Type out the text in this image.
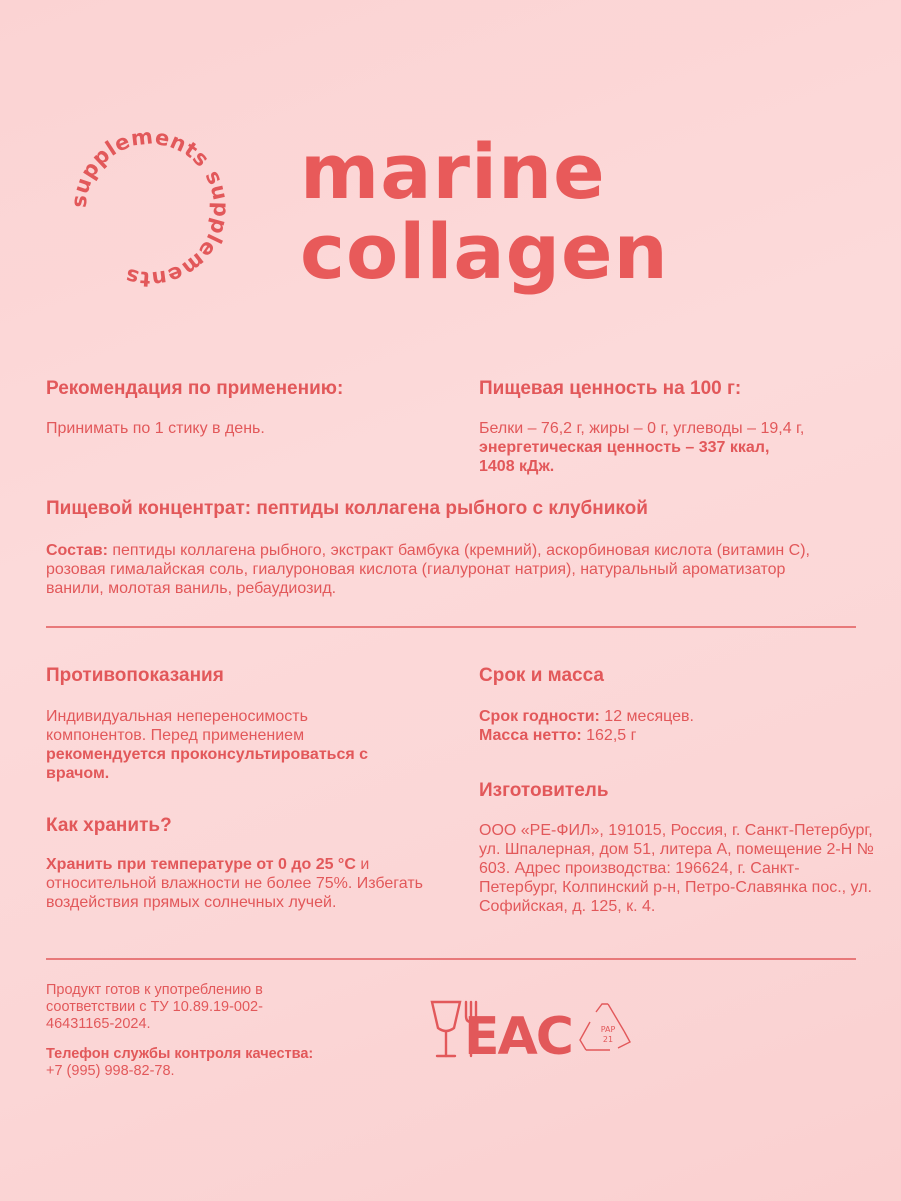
supplements supplements
marine
collagen
Рекомендация по применению:
Принимать по 1 стику в день.
Пищевая ценность на 100 г:
Белки – 76,2 г, жиры – 0 г, углеводы – 19,4 г, энергетическая ценность – 337 ккал, 1408 кДж.
Пищевой концентрат: пептиды коллагена рыбного с клубникой
Состав: пептиды коллагена рыбного, экстракт бамбука (кремний), аскорбиновая кислота (витамин С), розовая гималайская соль, гиалуроновая кислота (гиалуронат натрия), натуральный ароматизатор ванили, молотая ваниль, ребаудиозид.
Противопоказания
Индивидуальная непереносимость компонентов. Перед применением рекомендуется проконсультироваться с врачом.
Срок и масса
Срок годности: 12 месяцев.
Масса нетто: 162,5 г
Как хранить?
Хранить при температуре от 0 до 25 °С и относительной влажности не более 75%. Избегать воздействия прямых солнечных лучей.
Изготовитель
ООО «РЕ-ФИЛ», 191015, Россия, г. Санкт-Петербург, ул. Шпалерная, дом 51, литера А, помещение 2-Н № 603. Адрес производства: 196624, г. Санкт-Петербург, Колпинский р-н, Петро-Славянка пос., ул. Софийская, д. 125, к. 4.
Продукт готов к употреблению в соответствии с ТУ 10.89.19-002-46431165-2024.
Телефон службы контроля качества:
+7 (995) 998-82-78.
EAC	PAP
21
